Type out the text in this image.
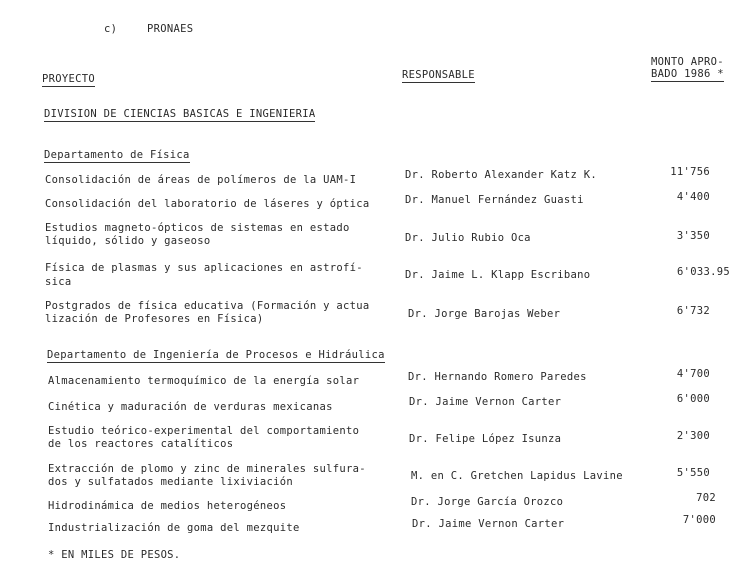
c)	PRONAES
PROYECTO	RESPONSABLE
MONTO APRO-
BADO 1986 *
DIVISION DE CIENCIAS BASICAS E INGENIERIA
Departamento de Física
Consolidación de áreas de polímeros de la UAM-I	Dr. Roberto Alexander Katz K.	11'756
Consolidación del laboratorio de láseres y óptica	Dr. Manuel Fernández Guasti	4'400
Estudios magneto-ópticos de sistemas en estado
líquido, sólido y gaseoso	Dr. Julio Rubio Oca	3'350
Física de plasmas y sus aplicaciones en astrofí-
sica
Dr. Jaime L. Klapp Escribano	6'033.95
Postgrados de física educativa (Formación y actua
lización de Profesores en Física)	Dr. Jorge Barojas Weber	6'732
Departamento de Ingeniería de Procesos e Hidráulica
Almacenamiento termoquímico de la energía solar	Dr. Hernando Romero Paredes	4'700
Cinética y maduración de verduras mexicanas	Dr. Jaime Vernon Carter	6'000
Estudio teórico-experimental del comportamiento
de los reactores catalíticos	Dr. Felipe López Isunza	2'300
Extracción de plomo y zinc de minerales sulfura-
dos y sulfatados mediante lixiviación	M. en C. Gretchen Lapidus Lavine	5'550
Hidrodinámica de medios heterogéneos	Dr. Jorge García Orozco	702
Industrialización de goma del mezquite	Dr. Jaime Vernon Carter	7'000
* EN MILES DE PESOS.
